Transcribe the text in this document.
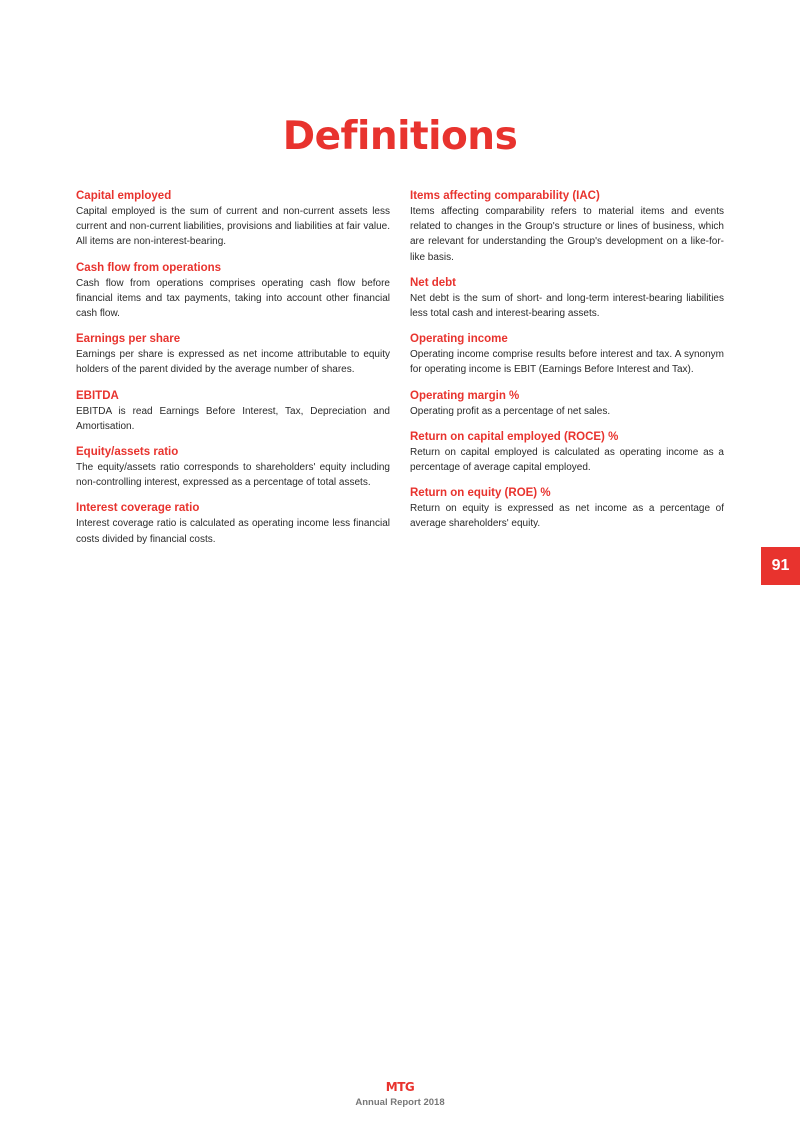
Definitions
Capital employed

Capital employed is the sum of current and non-current assets less current and non-current liabilities, provisions and liabilities at fair value. All items are non-interest-bearing.

Cash flow from operations

Cash flow from operations comprises operating cash flow before financial items and tax payments, taking into account other financial cash flow.

Earnings per share

Earnings per share is expressed as net income attributable to equity holders of the parent divided by the average number of shares.

EBITDA

EBITDA is read Earnings Before Interest, Tax, Depreciation and Amortisation.

Equity/assets ratio

The equity/assets ratio corresponds to shareholders' equity including non-controlling interest, expressed as a percentage of total assets.

Interest coverage ratio

Interest coverage ratio is calculated as operating income less financial costs divided by financial costs.

Items affecting comparability (IAC)

Items affecting comparability refers to material items and events related to changes in the Group's structure or lines of business, which are relevant for understanding the Group's development on a like-for-like basis.

Net debt

Net debt is the sum of short- and long-term interest-bearing liabilities less total cash and interest-bearing assets.

Operating income

Operating income comprise results before interest and tax. A synonym for operating income is EBIT (Earnings Before Interest and Tax).

Operating margin %

Operating profit as a percentage of net sales.

Return on capital employed (ROCE) %

Return on capital employed is calculated as operating income as a percentage of average capital employed.

Return on equity (ROE) %

Return on equity is expressed as net income as a percentage of average shareholders' equity.

91
MTG
Annual Report 2018
